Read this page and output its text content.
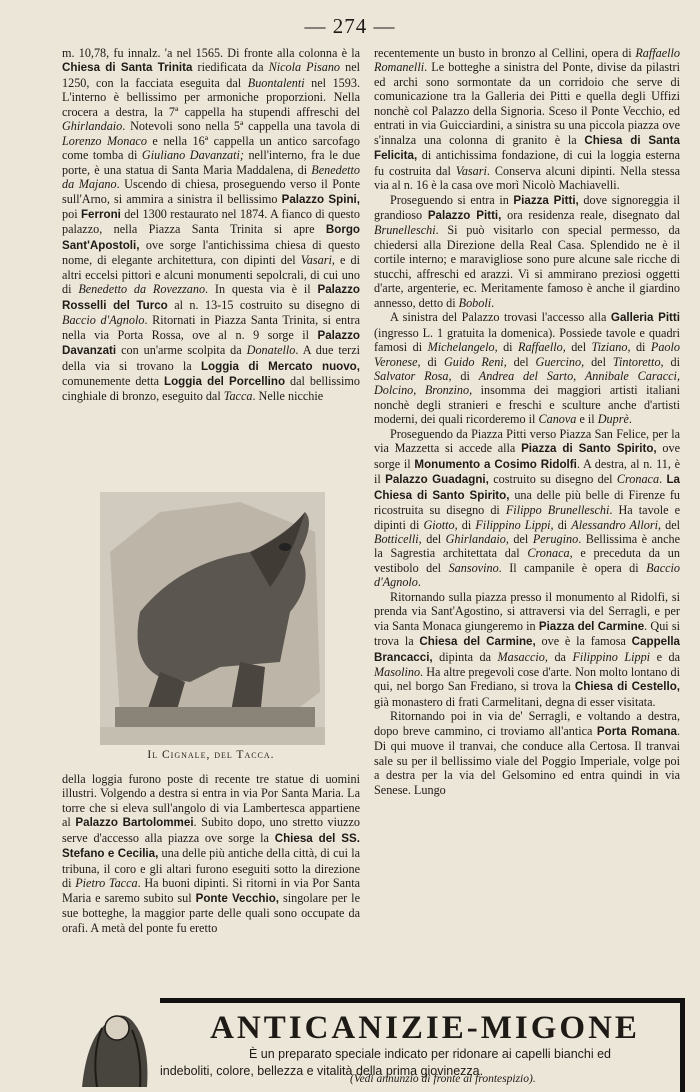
— 274 —

m. 10,78, fu innalz. 'a nel 1565. Di fronte alla colonna è la Chiesa di Santa Trinita riedificata da Nicola Pisano nel 1250, con la facciata eseguita dal Buontalenti nel 1593. L'interno è bellissimo per armoniche proporzioni. Nella crocera a destra, la 7ª cappella ha stupendi affreschi del Ghirlandaio. Notevoli sono nella 5ª cappella una tavola di Lorenzo Monaco e nella 16ª cappella un antico sarcofago come tomba di Giuliano Davanzati; nell'interno, fra le due porte, è una statua di Santa Maria Maddalena, di Benedetto da Majano. Uscendo di chiesa, proseguendo verso il Ponte sull'Arno, si ammira a sinistra il bellissimo Palazzo Spini, poi Ferroni del 1300 restaurato nel 1874. A fianco di questo palazzo, nella Piazza Santa Trinita si apre Borgo Sant'Apostoli, ove sorge l'antichissima chiesa di questo nome, di elegante architettura, con dipinti del Vasari, e di altri eccelsi pittori e alcuni monumenti sepolcrali, di cui uno di Benedetto da Rovezzano. In questa via è il Palazzo Rosselli del Turco al n. 13-15 costruito su disegno di Baccio d'Agnolo. Ritornati in Piazza Santa Trinita, si entra nella via Porta Rossa, ove al n. 9 sorge il Palazzo Davanzati con un'arme scolpita da Donatello. A due terzi della via si trovano la Loggia di Mercato nuovo, comunemente detta Loggia del Porcellino dal bellissimo cinghiale di bronzo, eseguito dal Tacca. Nelle nicchie

Il Cignale, del Tacca.

della loggia furono poste di recente tre statue di uomini illustri. Volgendo a destra si entra in via Por Santa Maria. La torre che si eleva sull'angolo di via Lambertesca appartiene al Palazzo Bartolommei. Subito dopo, uno stretto viuzzo serve d'accesso alla piazza ove sorge la Chiesa del SS. Stefano e Cecilia, una delle più antiche della città, di cui la tribuna, il coro e gli altari furono eseguiti sotto la direzione di Pietro Tacca. Ha buoni dipinti. Si ritorni in via Por Santa Maria e saremo subito sul Ponte Vecchio, singolare per le sue botteghe, la maggior parte delle quali sono occupate da orafi. A metà del ponte fu eretto

recentemente un busto in bronzo al Cellini, opera di Raffaello Romanelli. Le botteghe a sinistra del Ponte, divise da pilastri ed archi sono sormontate da un corridoio che serve di comunicazione tra la Galleria dei Pitti e quella degli Uffizi nonchè col Palazzo della Signoria. Sceso il Ponte Vecchio, ed entrati in via Guicciardini, a sinistra su una piccola piazza ove s'innalza una colonna di granito è la Chiesa di Santa Felicita, di antichissima fondazione, di cui la loggia esterna fu costruita dal Vasari. Conserva alcuni dipinti. Nella stessa via al n. 16 è la casa ove morì Nicolò Machiavelli.

Proseguendo si entra in Piazza Pitti, dove signoreggia il grandioso Palazzo Pitti, ora residenza reale, disegnato dal Brunelleschi. Si può visitarlo con special permesso, da chiedersi alla Direzione della Real Casa. Splendido ne è il cortile interno; e maravigliose sono pure alcune sale ricche di stucchi, affreschi ed arazzi. Vi si ammirano preziosi oggetti d'arte, argenterie, ec. Meritamente famoso è anche il giardino annesso, detto di Boboli.

A sinistra del Palazzo trovasi l'accesso alla Galleria Pitti (ingresso L. 1 gratuita la domenica). Possiede tavole e quadri famosi di Michelangelo, di Raffaello, del Tiziano, di Paolo Veronese, di Guido Reni, del Guercino, del Tintoretto, di Salvator Rosa, di Andrea del Sarto, Annibale Caracci, Dolcino, Bronzino, insomma dei maggiori artisti italiani nonchè degli stranieri e freschi e sculture anche d'artisti moderni, dei quali ricorderemo il Canova e il Duprè.

Proseguendo da Piazza Pitti verso Piazza San Felice, per la via Mazzetta si accede alla Piazza di Santo Spirito, ove sorge il Monumento a Cosimo Ridolfi. A destra, al n. 11, è il Palazzo Guadagni, costruito su disegno del Cronaca. La Chiesa di Santo Spirito, una delle più belle di Firenze fu ricostruita su disegno di Filippo Brunelleschi. Ha tavole e dipinti di Giotto, di Filippino Lippi, di Alessandro Allori, del Botticelli, del Ghirlandaio, del Perugino. Bellissima è anche la Sagrestia architettata dal Cronaca, e preceduta da un vestibolo del Sansovino. Il campanile è opera di Baccio d'Agnolo.

Ritornando sulla piazza presso il monumento al Ridolfi, si prenda via Sant'Agostino, si attraversi via del Serragli, e per via Santa Monaca giungeremo in Piazza del Carmine. Qui si trova la Chiesa del Carmine, ove è la famosa Cappella Brancacci, dipinta da Masaccio, da Filippino Lippi e da Masolino. Ha altre pregevoli cose d'arte. Non molto lontano di qui, nel borgo San Frediano, si trova la Chiesa di Cestello, già monastero di frati Carmelitani, degna di esser visitata.

Ritornando poi in via de' Serragli, e voltando a destra, dopo breve cammino, ci troviamo all'antica Porta Romana. Di qui muove il tranvai, che conduce alla Certosa. Il tranvai sale su per il bellissimo viale del Poggio Imperiale, volge poi a destra per la via del Gelsomino ed entra quindi in via Senese. Lungo

ANTICANIZIE-MIGONE
È un preparato speciale indicato per ridonare ai capelli bianchi ed
indeboliti, colore, bellezza e vitalità della prima giovinezza.
(Vedi annunzio di fronte al frontespizio).
